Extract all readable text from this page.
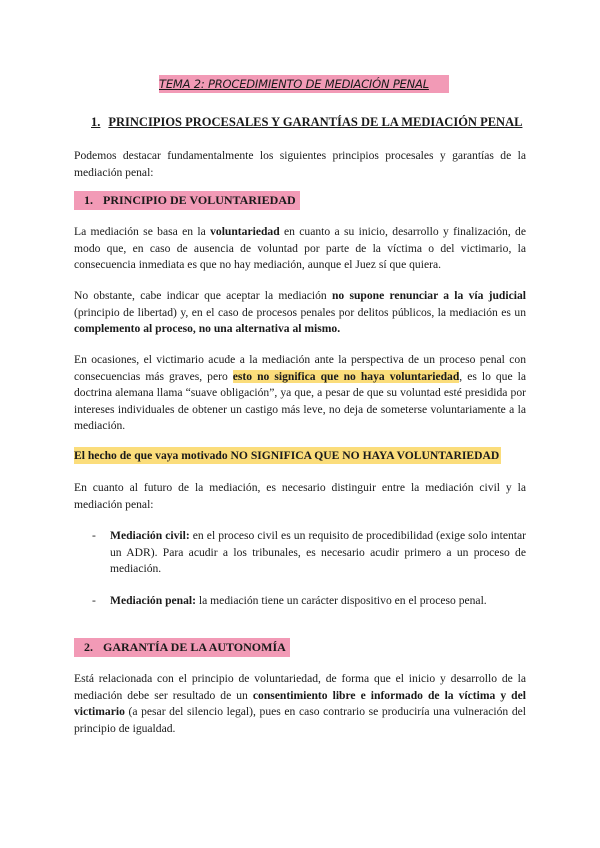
TEMA 2: PROCEDIMIENTO DE MEDIACIÓN PENAL
1. PRINCIPIOS PROCESALES Y GARANTÍAS DE LA MEDIACIÓN PENAL
Podemos destacar fundamentalmente los siguientes principios procesales y garantías de la mediación penal:
1. PRINCIPIO DE VOLUNTARIEDAD
La mediación se basa en la voluntariedad en cuanto a su inicio, desarrollo y finalización, de modo que, en caso de ausencia de voluntad por parte de la víctima o del victimario, la consecuencia inmediata es que no hay mediación, aunque el Juez sí que quiera.
No obstante, cabe indicar que aceptar la mediación no supone renunciar a la vía judicial (principio de libertad) y, en el caso de procesos penales por delitos públicos, la mediación es un complemento al proceso, no una alternativa al mismo.
En ocasiones, el victimario acude a la mediación ante la perspectiva de un proceso penal con consecuencias más graves, pero esto no significa que no haya voluntariedad, es lo que la doctrina alemana llama “suave obligación”, ya que, a pesar de que su voluntad esté presidida por intereses individuales de obtener un castigo más leve, no deja de someterse voluntariamente a la mediación.
El hecho de que vaya motivado NO SIGNIFICA QUE NO HAYA VOLUNTARIEDAD
En cuanto al futuro de la mediación, es necesario distinguir entre la mediación civil y la mediación penal:
- Mediación civil: en el proceso civil es un requisito de procedibilidad (exige solo intentar un ADR). Para acudir a los tribunales, es necesario acudir primero a un proceso de mediación.
- Mediación penal: la mediación tiene un carácter dispositivo en el proceso penal.
2. GARANTÍA DE LA AUTONOMÍA
Está relacionada con el principio de voluntariedad, de forma que el inicio y desarrollo de la mediación debe ser resultado de un consentimiento libre e informado de la víctima y del victimario (a pesar del silencio legal), pues en caso contrario se produciría una vulneración del principio de igualdad.
